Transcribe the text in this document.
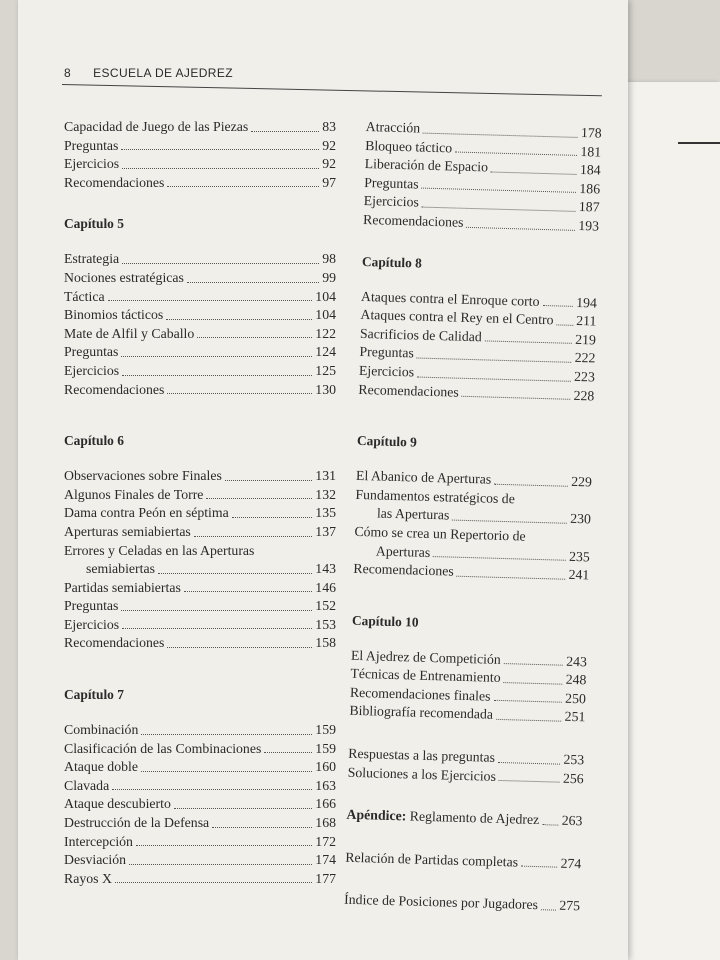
8 ESCUELA DE AJEDREZ
Capacidad de Juego de las Piezas	83
Preguntas	92
Ejercicios	92
Recomendaciones	97
Capítulo 5
Estrategia	98
Nociones estratégicas	99
Táctica	104
Binomios tácticos	104
Mate de Alfil y Caballo	122
Preguntas	124
Ejercicios	125
Recomendaciones	130
Capítulo 6
Observaciones sobre Finales	131
Algunos Finales de Torre	132
Dama contra Peón en séptima	135
Aperturas semiabiertas	137
Errores y Celadas en las Aperturas
semiabiertas	143
Partidas semiabiertas	146
Preguntas	152
Ejercicios	153
Recomendaciones	158
Capítulo 7
Combinación	159
Clasificación de las Combinaciones	159
Ataque doble	160
Clavada	163
Ataque descubierto	166
Destrucción de la Defensa	168
Intercepción	172
Desviación	174
Rayos X	177
Atracción	178
Bloqueo táctico	181
Liberación de Espacio	184
Preguntas	186
Ejercicios	187
Recomendaciones	193
Capítulo 8
Ataques contra el Enroque corto	194
Ataques contra el Rey en el Centro 211
Sacrificios de Calidad	219
Preguntas	222
Ejercicios	223
Recomendaciones	228
Capítulo 9
El Abanico de Aperturas	229
Fundamentos estratégicos de
las Aperturas	230
Cómo se crea un Repertorio de
Aperturas	235
Recomendaciones	241
Capítulo 10
El Ajedrez de Competición	243
Técnicas de Entrenamiento	248
Recomendaciones finales	250
Bibliografía recomendada	251
Respuestas a las preguntas	253
Soluciones a los Ejercicios	256
Apéndice: Reglamento de Ajedrez 263
Relación de Partidas completas	274
Índice de Posiciones por Jugadores 275
